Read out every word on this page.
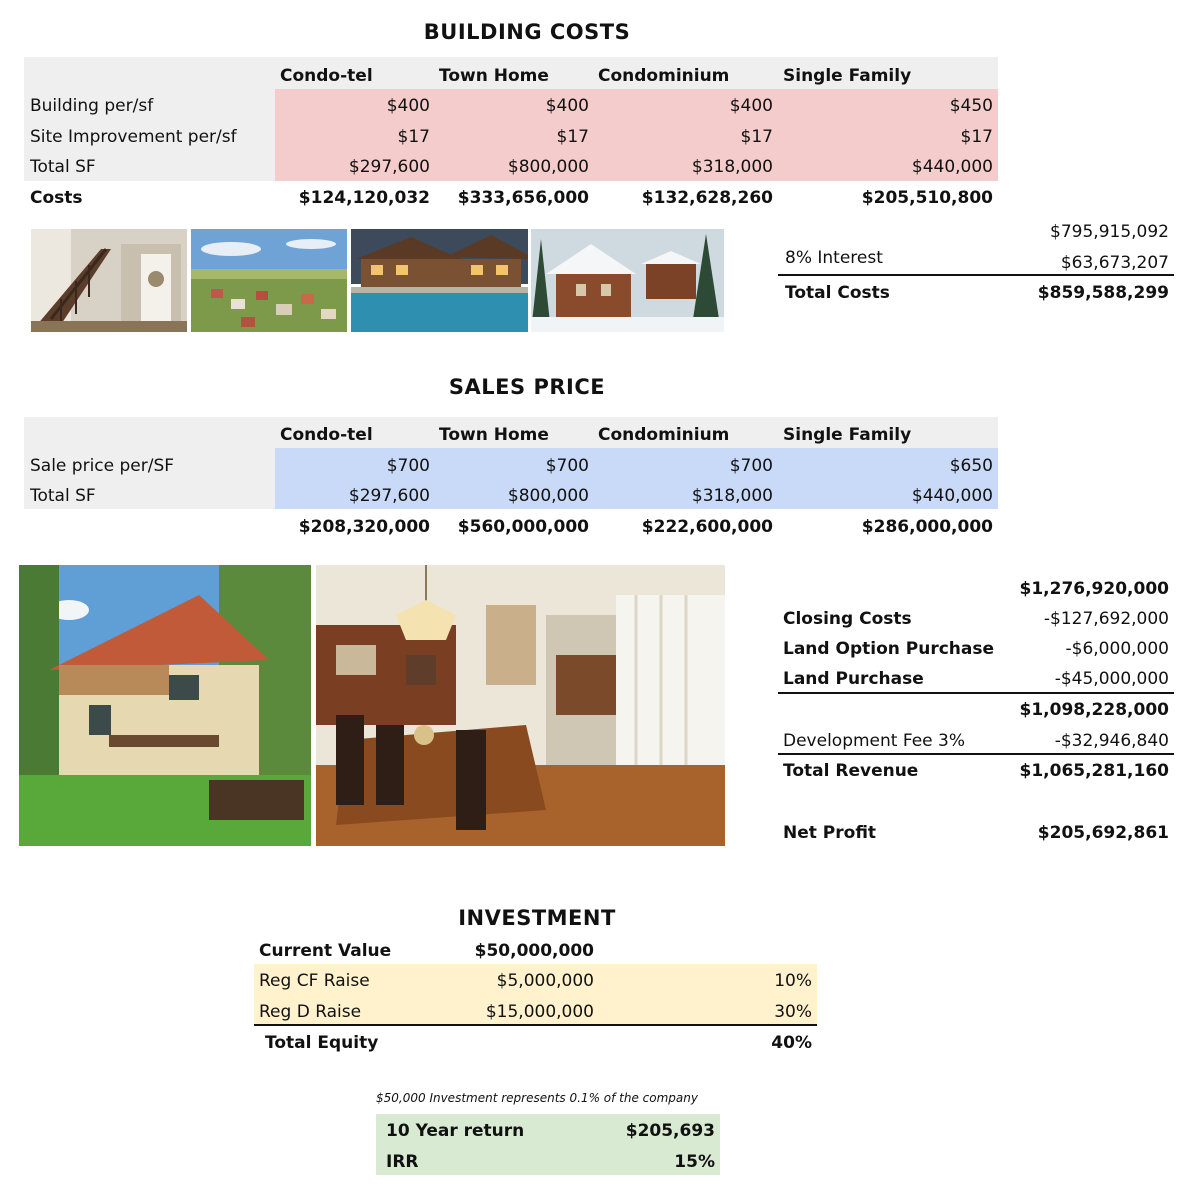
BUILDING COSTS
Condo-tel	Town Home	Condominium	Single Family
Building per/sf	$400	$400	$400	$450
Site Improvement per/sf	$17	$17	$17	$17
Total SF	$297,600	$800,000	$318,000	$440,000
Costs	$124,120,032	$333,656,000	$132,628,260	$205,510,800
$795,915,092
8% Interest	$63,673,207
Total Costs	$859,588,299
SALES PRICE
Condo-tel	Town Home	Condominium	Single Family
Sale price per/SF	$700	$700	$700	$650
Total SF	$297,600	$800,000	$318,000	$440,000
$208,320,000	$560,000,000	$222,600,000	$286,000,000
$1,276,920,000
Closing Costs	-$127,692,000
Land Option Purchase	-$6,000,000
Land Purchase	-$45,000,000
$1,098,228,000
Development Fee 3%	-$32,946,840
Total Revenue	$1,065,281,160
Net Profit	$205,692,861
INVESTMENT
Current Value	$50,000,000
Reg CF Raise	$5,000,000	10%
Reg D Raise	$15,000,000	30%
Total Equity	40%
$50,000 Investment represents 0.1% of the company
10 Year return	$205,693
IRR	15%
